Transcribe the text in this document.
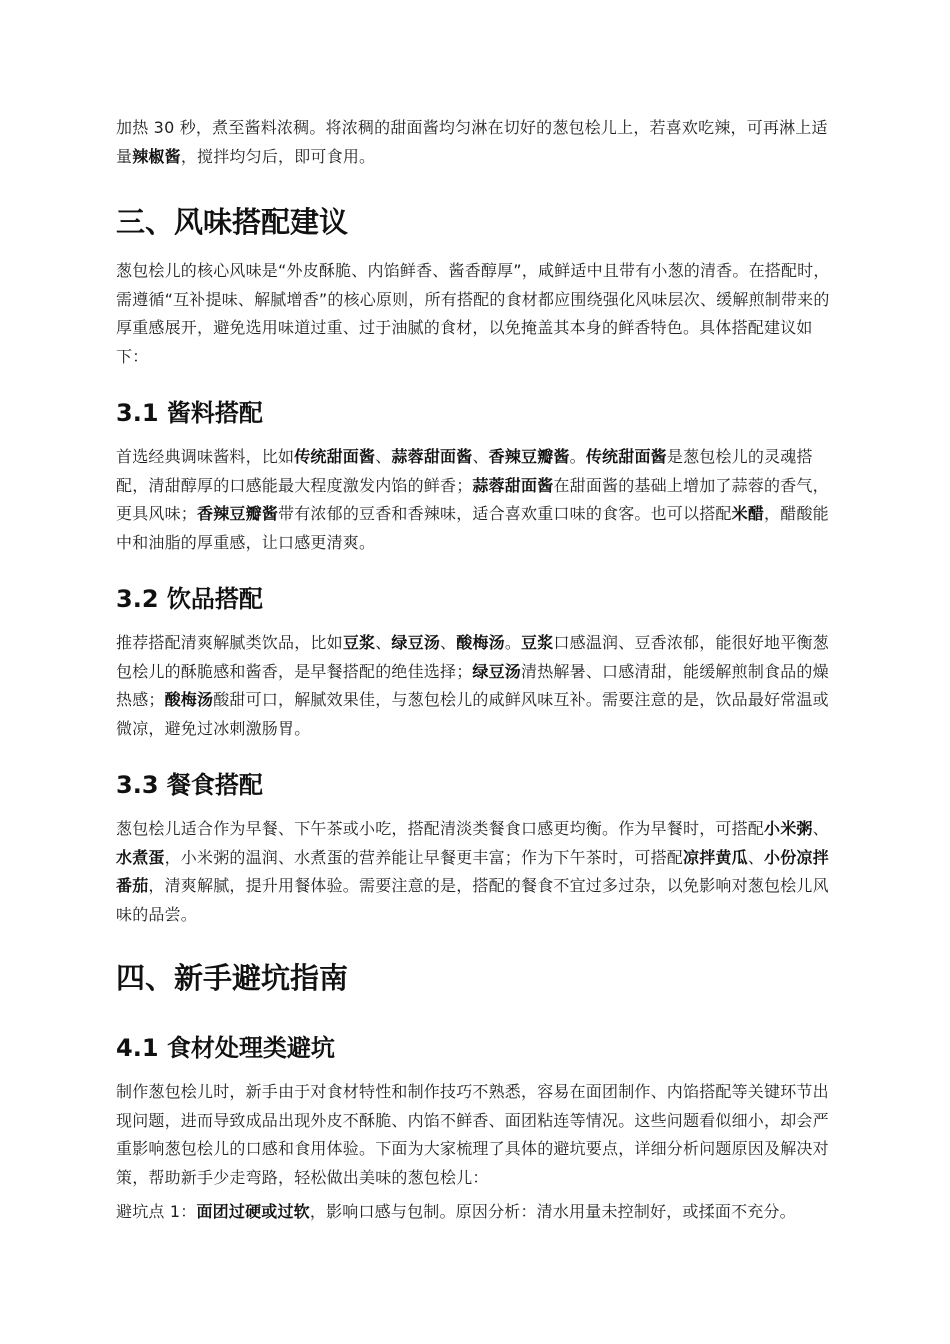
加热 30 秒，煮至酱料浓稠。将浓稠的甜面酱均匀淋在切好的葱包桧儿上，若喜欢吃辣，可再淋上适量辣椒酱，搅拌均匀后，即可食用。

三、风味搭配建议

葱包桧儿的核心风味是“外皮酥脆、内馅鲜香、酱香醇厚”，咸鲜适中且带有小葱的清香。在搭配时，需遵循“互补提味、解腻增香”的核心原则，所有搭配的食材都应围绕强化风味层次、缓解煎制带来的厚重感展开，避免选用味道过重、过于油腻的食材，以免掩盖其本身的鲜香特色。具体搭配建议如下：

3.1 酱料搭配

首选经典调味酱料，比如传统甜面酱、蒜蓉甜面酱、香辣豆瓣酱。传统甜面酱是葱包桧儿的灵魂搭配，清甜醇厚的口感能最大程度激发内馅的鲜香；蒜蓉甜面酱在甜面酱的基础上增加了蒜蓉的香气，更具风味；香辣豆瓣酱带有浓郁的豆香和香辣味，适合喜欢重口味的食客。也可以搭配米醋，醋酸能中和油脂的厚重感，让口感更清爽。

3.2 饮品搭配

推荐搭配清爽解腻类饮品，比如豆浆、绿豆汤、酸梅汤。豆浆口感温润、豆香浓郁，能很好地平衡葱包桧儿的酥脆感和酱香，是早餐搭配的绝佳选择；绿豆汤清热解暑、口感清甜，能缓解煎制食品的燥热感；酸梅汤酸甜可口，解腻效果佳，与葱包桧儿的咸鲜风味互补。需要注意的是，饮品最好常温或微凉，避免过冰刺激肠胃。

3.3 餐食搭配

葱包桧儿适合作为早餐、下午茶或小吃，搭配清淡类餐食口感更均衡。作为早餐时，可搭配小米粥、水煮蛋，小米粥的温润、水煮蛋的营养能让早餐更丰富；作为下午茶时，可搭配凉拌黄瓜、小份凉拌番茄，清爽解腻，提升用餐体验。需要注意的是，搭配的餐食不宜过多过杂，以免影响对葱包桧儿风味的品尝。

四、新手避坑指南
4.1 食材处理类避坑

制作葱包桧儿时，新手由于对食材特性和制作技巧不熟悉，容易在面团制作、内馅搭配等关键环节出现问题，进而导致成品出现外皮不酥脆、内馅不鲜香、面团粘连等情况。这些问题看似细小，却会严重影响葱包桧儿的口感和食用体验。下面为大家梳理了具体的避坑要点，详细分析问题原因及解决对策，帮助新手少走弯路，轻松做出美味的葱包桧儿：

避坑点 1：面团过硬或过软，影响口感与包制。原因分析：清水用量未控制好，或揉面不充分。
